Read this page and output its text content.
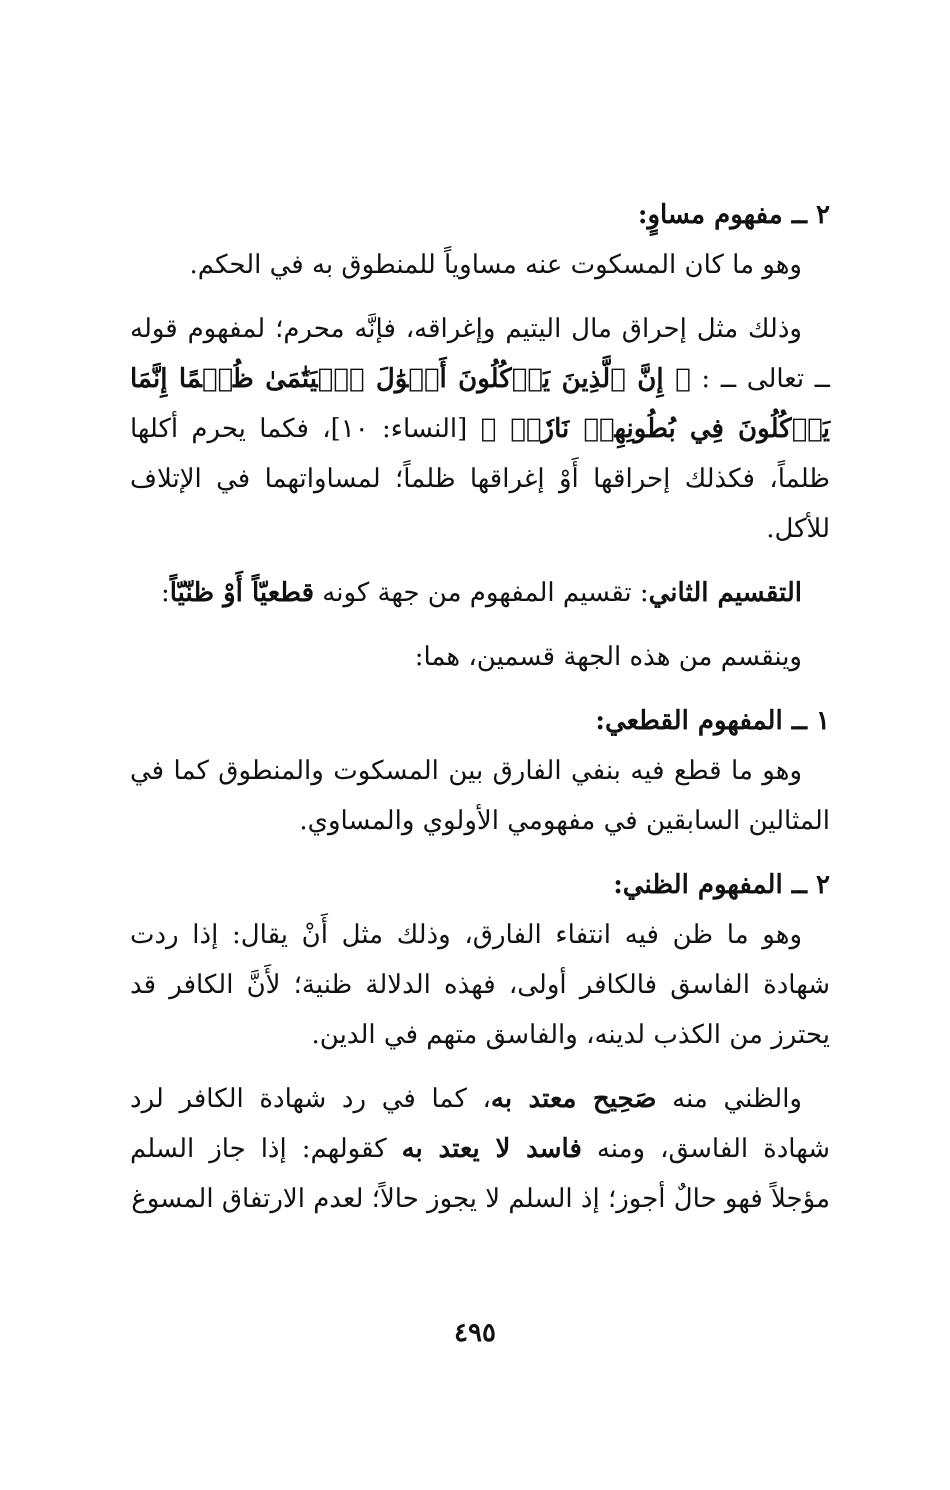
٢ ــ مفهوم مساوٍ:

وهو ما كان المسكوت عنه مساوياً للمنطوق به في الحكم.

وذلك مثل إحراق مال اليتيم وإغراقه، فإنَّه محرم؛ لمفهوم قوله ــ تعالى ــ : ﴿ إِنَّ ٱلَّذِينَ يَأۡكُلُونَ أَمۡوَٰلَ ٱلۡيَتَٰمَىٰ ظُلۡمًا إِنَّمَا يَأۡكُلُونَ فِي بُطُونِهِمۡ نَارٗاۖ ﴾ [النساء: ١٠]، فكما يحرم أكلها ظلماً، فكذلك إحراقها أَوْ إغراقها ظلماً؛ لمساواتهما في الإتلاف للأكل.

التقسيم الثاني: تقسيم المفهوم من جهة كونه قطعيّاً أَوْ ظنّيّاً:

وينقسم من هذه الجهة قسمين، هما:

١ ــ المفهوم القطعي:

وهو ما قطع فيه بنفي الفارق بين المسكوت والمنطوق كما في المثالين السابقين في مفهومي الأولوي والمساوي.

٢ ــ المفهوم الظني:

وهو ما ظن فيه انتفاء الفارق، وذلك مثل أَنْ يقال: إذا ردت شهادة الفاسق فالكافر أولى، فهذه الدلالة ظنية؛ لأَنَّ الكافر قد يحترز من الكذب لدينه، والفاسق متهم في الدين.

والظني منه صَحِيح معتد به، كما في رد شهادة الكافر لرد شهادة الفاسق، ومنه فاسد لا يعتد به كقولهم: إذا جاز السلم مؤجلاً فهو حالٌ أجوز؛ إذ السلم لا يجوز حالاً؛ لعدم الارتفاق المسوغ

٤٩٥
